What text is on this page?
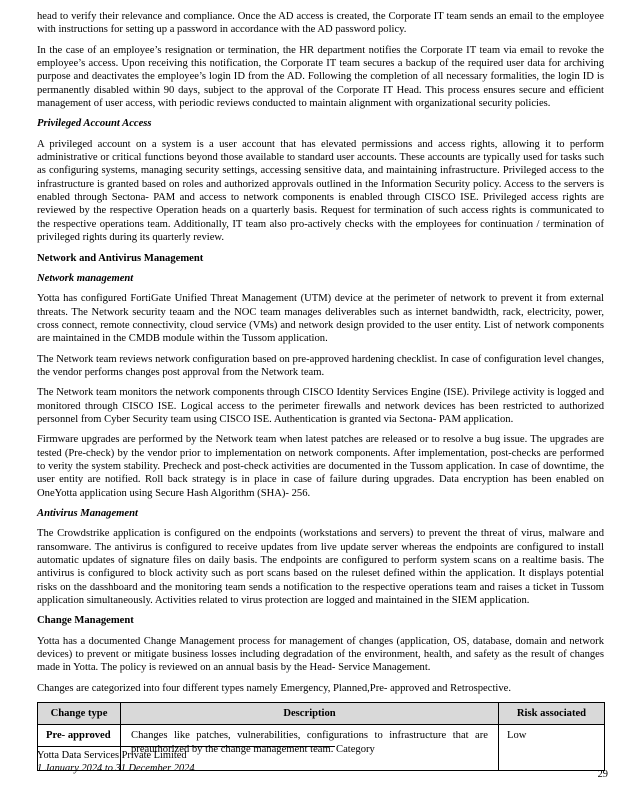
head to verify their relevance and compliance. Once the AD access is created, the Corporate IT team sends an email to the employee with instructions for setting up a password in accordance with the AD password policy.

In the case of an employee’s resignation or termination, the HR department notifies the Corporate IT team via email to revoke the employee’s access. Upon receiving this notification, the Corporate IT team secures a backup of the required user data for archiving purpose and deactivates the employee’s login ID from the AD. Following the completion of all necessary formalities, the login ID is permanently disabled within 90 days, subject to the approval of the Corporate IT Head. This process ensures secure and efficient management of user access, with periodic reviews conducted to maintain alignment with organizational security policies.

Privileged Account Access

A privileged account on a system is a user account that has elevated permissions and access rights, allowing it to perform administrative or critical functions beyond those available to standard user accounts. These accounts are typically used for tasks such as configuring systems, managing security settings, accessing sensitive data, and maintaining infrastructure. Privileged access to the infrastructure is granted based on roles and authorized approvals outlined in the Information Security policy. Access to the servers is enabled through Sectona- PAM and access to network components is enabled through CISCO ISE. Privileged access rights are reviewed by the respective Operation heads on a quarterly basis. Request for termination of such access rights is communicated to the respective operations team. Additionally, IT team also pro-actively checks with the employees for continuation / termination of privileged rights during its quarterly review.

Network and Antivirus Management
Network management

Yotta has configured FortiGate Unified Threat Management (UTM) device at the perimeter of network to prevent it from external threats. The Network security teaam and the NOC team manages deliverables such as internet bandwidth, rack, electricity, power, cross connect, remote connectivity, cloud service (VMs) and network design provided to the user entity. List of network components are maintained in the CMDB module within the Tussom application.

The Network team reviews network configuration based on pre-approved hardening checklist. In case of configuration level changes, the vendor performs changes post approval from the Network team.

The Network team monitors the network components through CISCO Identity Services Engine (ISE). Privilege activity is logged and monitored through CISCO ISE. Logical access to the perimeter firewalls and network devices has been restricted to authorized personnel from Cyber Security team using CISCO ISE. Authentication is granted via Sectona- PAM application.

Firmware upgrades are performed by the Network team when latest patches are released or to resolve a bug issue. The upgrades are tested (Pre-check) by the vendor prior to implementation on network components. After implementation, post-checks are performed to verity the system stability. Precheck and post-check activities are documented in the Tussom application. In case of downtime, the user entity are notified. Roll back strategy is in place in case of failure during upgrades. Data encryption has been enabled on OneYotta application using Secure Hash Algorithm (SHA)- 256.

Antivirus Management

The Crowdstrike application is configured on the endpoints (workstations and servers) to prevent the threat of virus, malware and ransomware. The antivirus is configured to receive updates from live update server whereas the endpoints are configured to install automatic updates of signature files on daily basis. The endpoints are configured to perform system scans on a realtime basis. The antivirus is configured to block activity such as port scans based on the ruleset defined within the application. It displays potential risks on the dasshboard and the monitoring team sends a notification to the respective operations team and raises a ticket in Tussom application simultaneously. Activities related to virus protection are logged and maintained in the SIEM application.

Change Management

Yotta has a documented Change Management process for management of changes (application, OS, database, domain and network devices) to prevent or mitigate business losses including degradation of the environment, health, and safety as the result of changes made in Yotta. The policy is reviewed on an annual basis by the Head- Service Management.

Changes are categorized into four different types namely Emergency, Planned,Pre- approved and Retrospective.

Change type	Description	Risk associated
Pre- approved	Changes like patches, vulnerabilities, configurations to infrastructure that are preauthorized by the change management team. Category	Low
Yotta Data Services Private Limited
1 January 2024 to 31 December 2024
29
